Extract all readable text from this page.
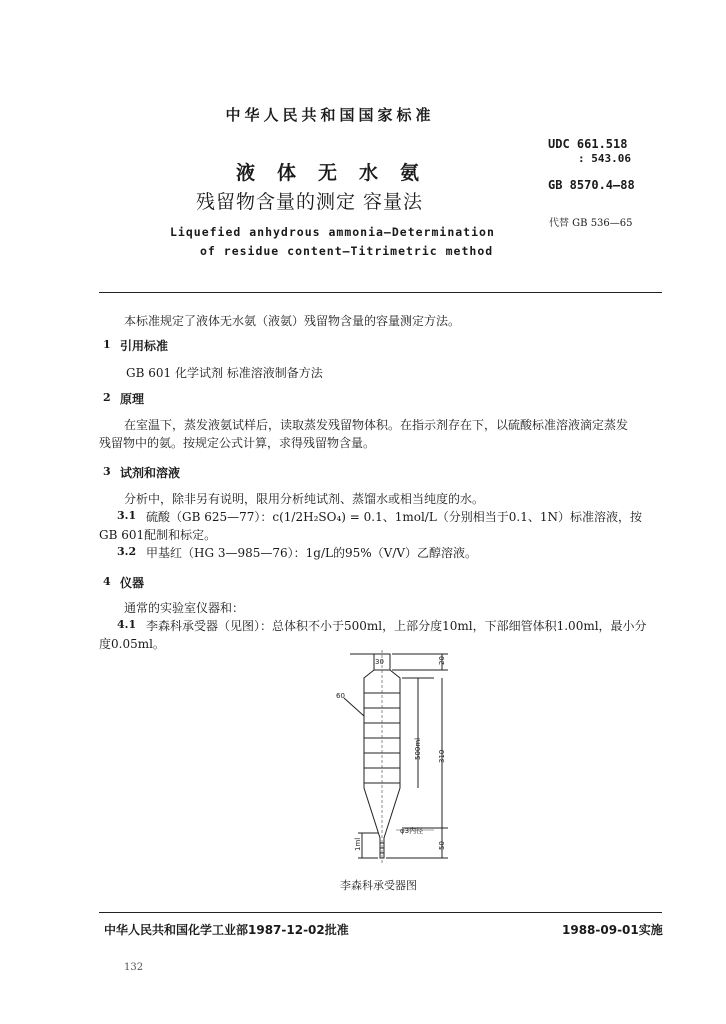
中华人民共和国国家标准
UDC 661.518
: 543.06
GB 8570.4—88
代替 GB 536—65
液体无水氨
残留物含量的测定 容量法
Liquefied anhydrous ammonia—Determination
of residue content—Titrimetric method
本标准规定了液体无水氨（液氨）残留物含量的容量测定方法。
1 引用标准
GB 601 化学试剂 标准溶液制备方法
2 原理
在室温下，蒸发液氨试样后，读取蒸发残留物体积。在指示剂存在下，以硫酸标准溶液滴定蒸发
残留物中的氨。按规定公式计算，求得残留物含量。
3 试剂和溶液
分析中，除非另有说明，限用分析纯试剂、蒸馏水或相当纯度的水。
3.1 硫酸（GB 625—77）：c(1/2H₂SO₄) = 0.1、1mol/L（分别相当于0.1、1N）标准溶液，按
GB 601配制和标定。
3.2 甲基红（HG 3—985—76）：1g/L的95%（V/V）乙醇溶液。
4 仪器
通常的实验室仪器和：
4.1 李森科承受器（见图）：总体积不小于500ml，上部分度10ml，下部细管体积1.00ml，最小分
度0.05ml。
30	20
310
500ml
50
1ml
φ3内径
60
李森科承受器图
中华人民共和国化学工业部1987-12-02批准	1988-09-01实施
132
